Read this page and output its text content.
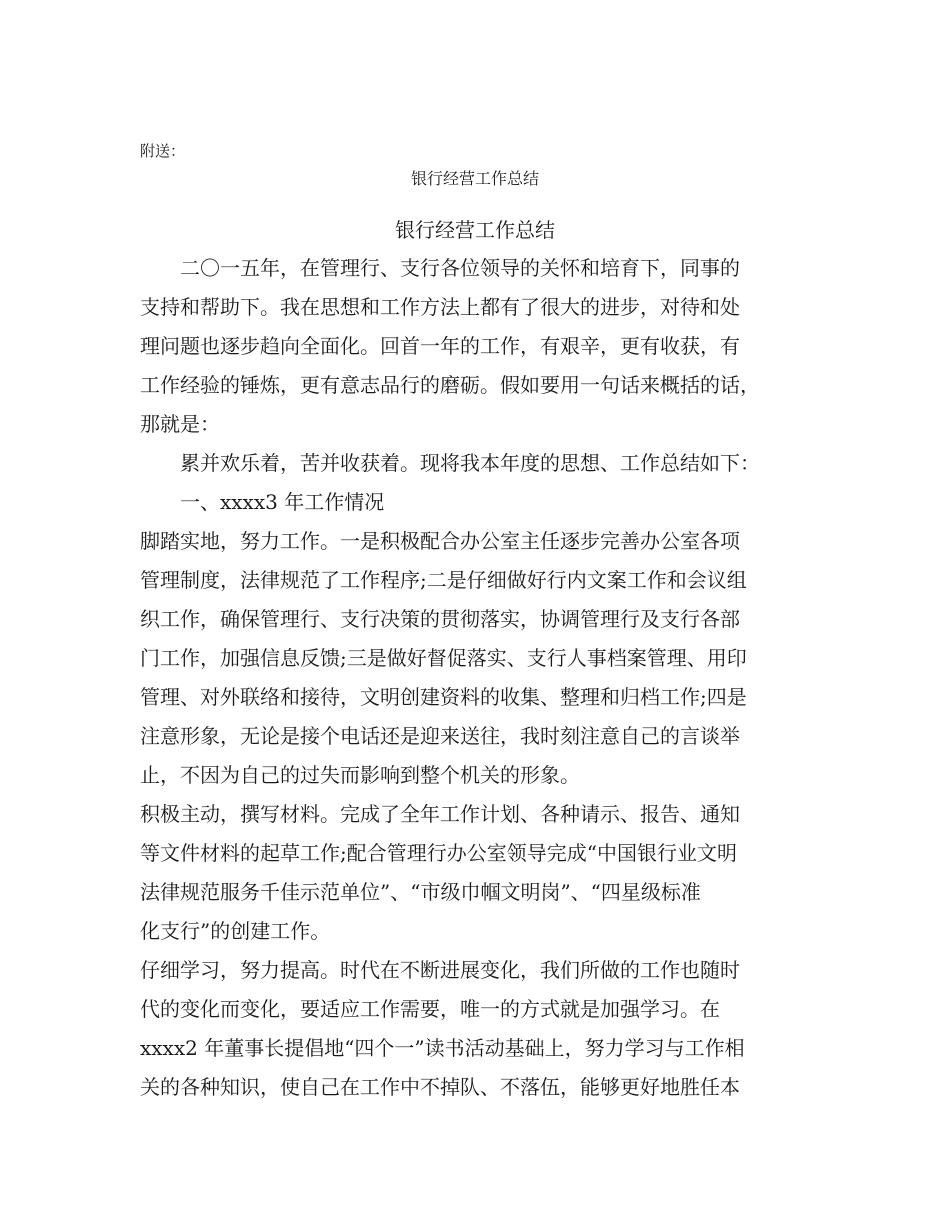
附送：
银行经营工作总结
银行经营工作总结

二〇一五年，在管理行、支行各位领导的关怀和培育下，同事的
支持和帮助下。我在思想和工作方法上都有了很大的进步，对待和处
理问题也逐步趋向全面化。回首一年的工作，有艰辛，更有收获，有
工作经验的锤炼，更有意志品行的磨砺。假如要用一句话来概括的话，
那就是：

累并欢乐着，苦并收获着。现将我本年度的思想、工作总结如下：

一、xxxx3 年工作情况

脚踏实地，努力工作。一是积极配合办公室主任逐步完善办公室各项
管理制度，法律规范了工作程序;二是仔细做好行内文案工作和会议组
织工作，确保管理行、支行决策的贯彻落实，协调管理行及支行各部
门工作，加强信息反馈;三是做好督促落实、支行人事档案管理、用印
管理、对外联络和接待，文明创建资料的收集、整理和归档工作;四是
注意形象，无论是接个电话还是迎来送往，我时刻注意自己的言谈举
止，不因为自己的过失而影响到整个机关的形象。

积极主动，撰写材料。完成了全年工作计划、各种请示、报告、通知
等文件材料的起草工作;配合管理行办公室领导完成“中国银行业文明
法律规范服务千佳示范单位”、“市级巾帼文明岗”、“四星级标准
化支行”的创建工作。

仔细学习，努力提高。时代在不断进展变化，我们所做的工作也随时
代的变化而变化，要适应工作需要，唯一的方式就是加强学习。在
xxxx2 年董事长提倡地“四个一”读书活动基础上，努力学习与工作相
关的各种知识，使自己在工作中不掉队、不落伍，能够更好地胜任本
